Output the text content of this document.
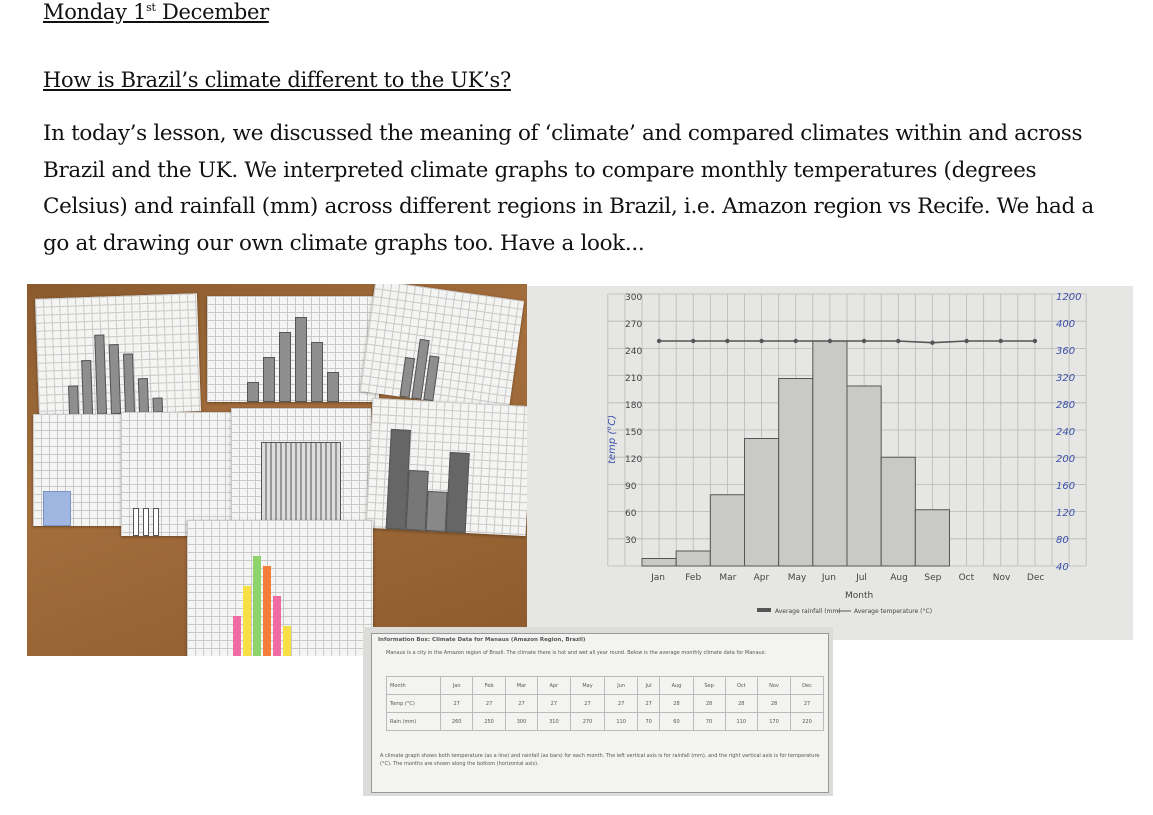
Monday 1st December
How is Brazil’s climate different to the UK’s?

In today’s lesson, we discussed the meaning of ‘climate’ and compared climates within and across
Brazil and the UK. We interpreted climate graphs to compare monthly temperatures (degrees
Celsius) and rainfall (mm) across different regions in Brazil, i.e. Amazon region vs Recife. We had a
go at drawing our own climate graphs too. Have a look...

Jan Feb Mar Apr May Jun Jul	Aug Sep Oct Nov Dec
300
270
240
210
180
150
120
90
60
30
1200
400
360
320
280
240
200
160
120
80
40
temp (°C)
Month
Average rainfall (mm) Average temperature (°C)
Information Box: Climate Data for Manaus (Amazon Region, Brazil)
Manaus is a city in the Amazon region of Brazil. The climate there is hot and wet all year round. Below is the average monthly climate data for Manaus:
Month	Jan	Feb	Mar	Apr	May	Jun	Jul	Aug	Sep	Oct	Nov	Dec
Temp (°C)	27	27	27	27	27	27	27	28	28	28	28	27
Rain (mm)	260	250	300	310	270	110	70	60	70	110	170	220
A climate graph shows both temperature (as a line) and rainfall (as bars) for each month. The left vertical axis is for rainfall (mm), and the right vertical axis is for temperature (°C). The months are shown along the bottom (horizontal axis).
